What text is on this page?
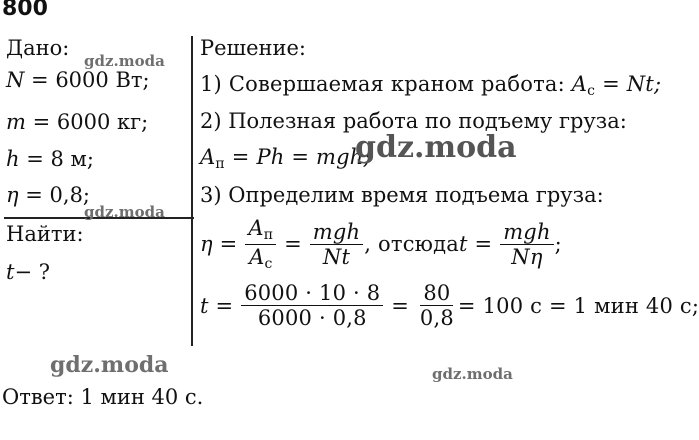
800
Дано:
N = 6000 Вт;
m = 6000 кг;
h = 8 м;
η = 0,8;
Найти:
t− ?
Решение:
1) Совершаемая краном работа: $A_с = Nt$;
2) Полезная работа по подъему груза:
$A_п = Ph$ = mgh;
3) Определим время подъема груза:
$\eta = \frac{A_п}{A_с} = \frac{\text{mgh}}{Nt}$ , отсюда $t = \frac{\text{mgh}}{N\eta}$ ;
$t = \frac{6000 \cdot 10 \cdot 8}{6000 \cdot 0,8} = \frac{80}{0,8} = 100$ с = 1 мин 40 с;
Ответ: 1 мин 40 с.
gdz.moda
gdz.moda
gdz.moda
gdz.moda	gdz.moda
